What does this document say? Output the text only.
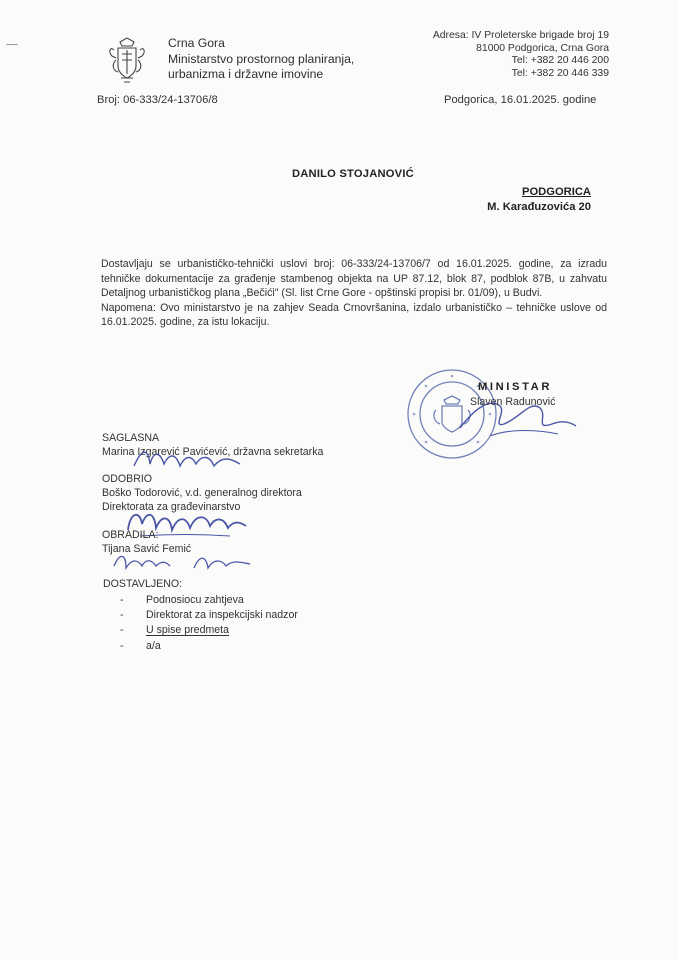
Crna Gora
Ministarstvo prostornog planiranja,
urbanizma i državne imovine
Adresa: IV Proleterske brigade broj 19
81000 Podgorica, Crna Gora
Tel: +382 20 446 200
Tel: +382 20 446 339
Broj: 06-333/24-13706/8	Podgorica, 16.01.2025. godine
DANILO STOJANOVIĆ
PODGORICA
M. Karađuzovića 20

Dostavljaju se urbanističko-tehnički uslovi broj: 06-333/24-13706/7 od 16.01.2025. godine, za izradu tehničke dokumentacije za građenje stambenog objekta na UP 87.12, blok 87, podblok 87B, u zahvatu Detaljnog urbanističkog plana „Bečići" (Sl. list Crne Gore - opštinski propisi br. 01/09), u Budvi.

Napomena: Ovo ministarstvo je na zahjev Seada Crnovršanina, izdalo urbanističko – tehničke uslove od 16.01.2025. godine, za istu lokaciju.

MINISTAR
Slaven Radunović
SAGLASNA
Marina Izgarević Pavićević, državna sekretarka
ODOBRIO
Boško Todorović, v.d. generalnog direktora
Direktorata za građevinarstvo
OBRADILA:
Tijana Savić Femić
DOSTAVLJENO:
- Podnosiocu zahtjeva
- Direktorat za inspekcijski nadzor
- U spise predmeta
- a/a
